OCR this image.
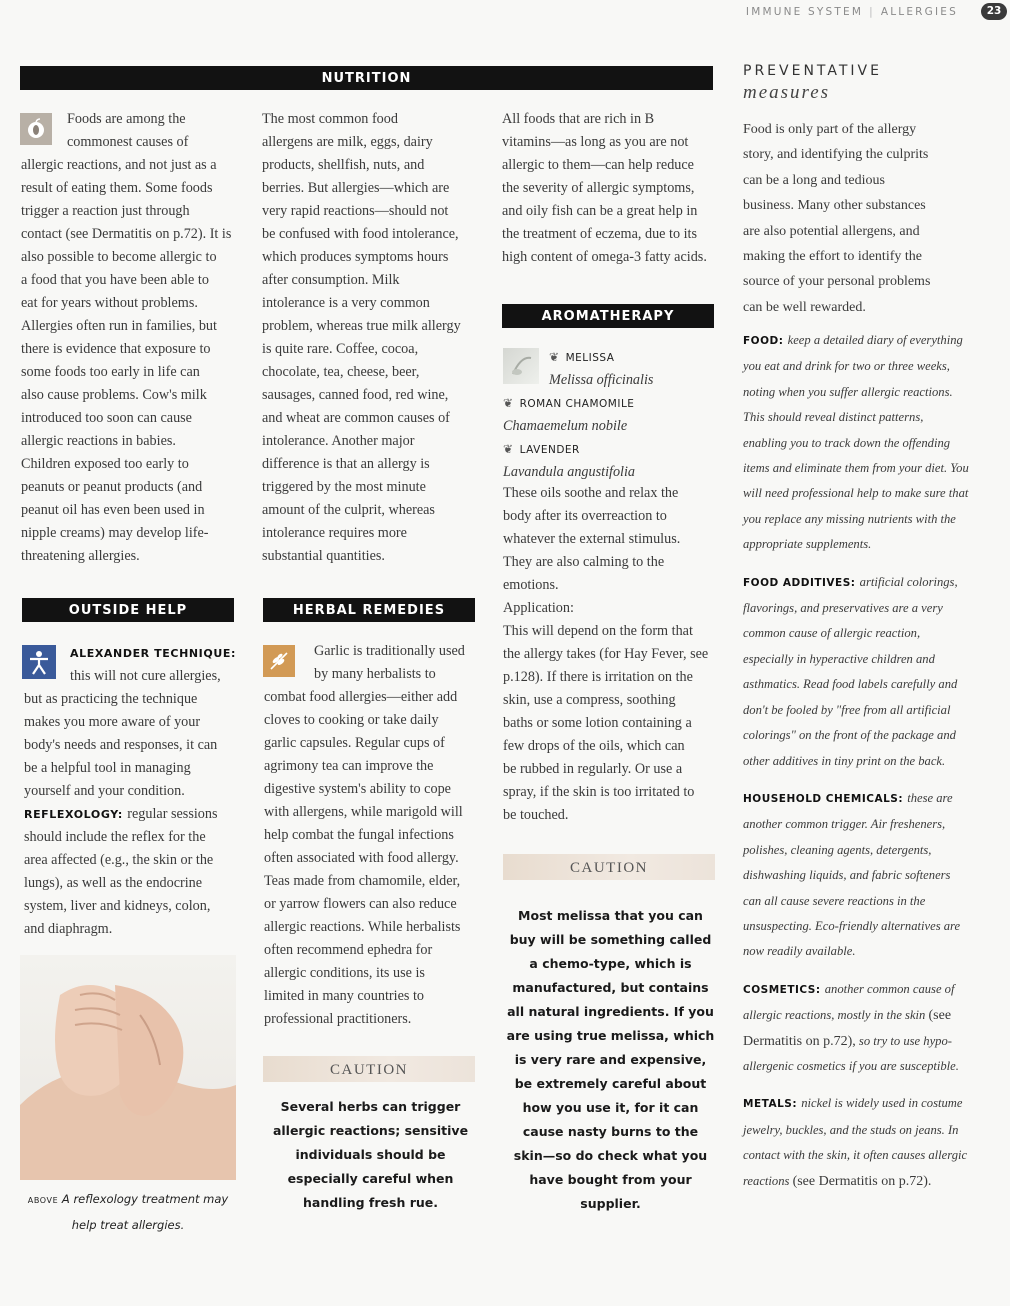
IMMUNE SYSTEM | ALLERGIES	23
NUTRITION

Foods are among the

commonest causes of

allergic reactions, and not just as a

result of eating them. Some foods

trigger a reaction just through

contact (see Dermatitis on p.72). It is

also possible to become allergic to

a food that you have been able to

eat for years without problems.

Allergies often run in families, but

there is evidence that exposure to

some foods too early in life can

also cause problems. Cow's milk

introduced too soon can cause

allergic reactions in babies.

Children exposed too early to

peanuts or peanut products (and

peanut oil has even been used in

nipple creams) may develop life-

threatening allergies.

The most common food

allergens are milk, eggs, dairy

products, shellfish, nuts, and

berries. But allergies—which are

very rapid reactions—should not

be confused with food intolerance,

which produces symptoms hours

after consumption. Milk

intolerance is a very common

problem, whereas true milk allergy

is quite rare. Coffee, cocoa,

chocolate, tea, cheese, beer,

sausages, canned food, red wine,

and wheat are common causes of

intolerance. Another major

difference is that an allergy is

triggered by the most minute

amount of the culprit, whereas

intolerance requires more

substantial quantities.

All foods that are rich in B

vitamins—as long as you are not

allergic to them—can help reduce

the severity of allergic symptoms,

and oily fish can be a great help in

the treatment of eczema, due to its

high content of omega-3 fatty acids.

AROMATHERAPY
❦ MELISSA
Melissa officinalis
❦ ROMAN CHAMOMILE
Chamaemelum nobile
❦ LAVENDER
Lavandula angustifolia

These oils soothe and relax the

body after its overreaction to

whatever the external stimulus.

They are also calming to the

emotions.

Application:

This will depend on the form that

the allergy takes (for Hay Fever, see

p.128). If there is irritation on the

skin, use a compress, soothing

baths or some lotion containing a

few drops of the oils, which can

be rubbed in regularly. Or use a

spray, if the skin is too irritated to

be touched.

CAUTION
Most melissa that you can
buy will be something called
a chemo-type, which is
manufactured, but contains
all natural ingredients. If you
are using true melissa, which
is very rare and expensive,
be extremely careful about
how you use it, for it can
cause nasty burns to the
skin—so do check what you
have bought from your
supplier.
OUTSIDE HELP

ALEXANDER TECHNIQUE:

this will not cure allergies,

but as practicing the technique

makes you more aware of your

body's needs and responses, it can

be a helpful tool in managing

yourself and your condition.

REFLEXOLOGY: regular sessions

should include the reflex for the

area affected (e.g., the skin or the

lungs), as well as the endocrine

system, liver and kidneys, colon,

and diaphragm.

ABOVE A reflexology treatment may
help treat allergies.
HERBAL REMEDIES

Garlic is traditionally used

by many herbalists to

combat food allergies—either add

cloves to cooking or take daily

garlic capsules. Regular cups of

agrimony tea can improve the

digestive system's ability to cope

with allergens, while marigold will

help combat the fungal infections

often associated with food allergy.

Teas made from chamomile, elder,

or yarrow flowers can also reduce

allergic reactions. While herbalists

often recommend ephedra for

allergic conditions, its use is

limited in many countries to

professional practitioners.

CAUTION
Several herbs can trigger
allergic reactions; sensitive
individuals should be
especially careful when
handling fresh rue.
PREVENTATIVE
measures

Food is only part of the allergy

story, and identifying the culprits

can be a long and tedious

business. Many other substances

are also potential allergens, and

making the effort to identify the

source of your personal problems

can be well rewarded.

FOOD: keep a detailed diary of everything you eat and drink for two or three weeks, noting when you suffer allergic reactions. This should reveal distinct patterns, enabling you to track down the offending items and eliminate them from your diet. You will need professional help to make sure that you replace any missing nutrients with the appropriate supplements.

FOOD ADDITIVES: artificial colorings, flavorings, and preservatives are a very common cause of allergic reaction, especially in hyperactive children and asthmatics. Read food labels carefully and don't be fooled by "free from all artificial colorings" on the front of the package and other additives in tiny print on the back.

HOUSEHOLD CHEMICALS: these are another common trigger. Air fresheners, polishes, cleaning agents, detergents, dishwashing liquids, and fabric softeners can all cause severe reactions in the unsuspecting. Eco-friendly alternatives are now readily available.

COSMETICS: another common cause of allergic reactions, mostly in the skin (see Dermatitis on p.72), so try to use hypo-allergenic cosmetics if you are susceptible.

METALS: nickel is widely used in costume jewelry, buckles, and the studs on jeans. In contact with the skin, it often causes allergic reactions (see Dermatitis on p.72).
